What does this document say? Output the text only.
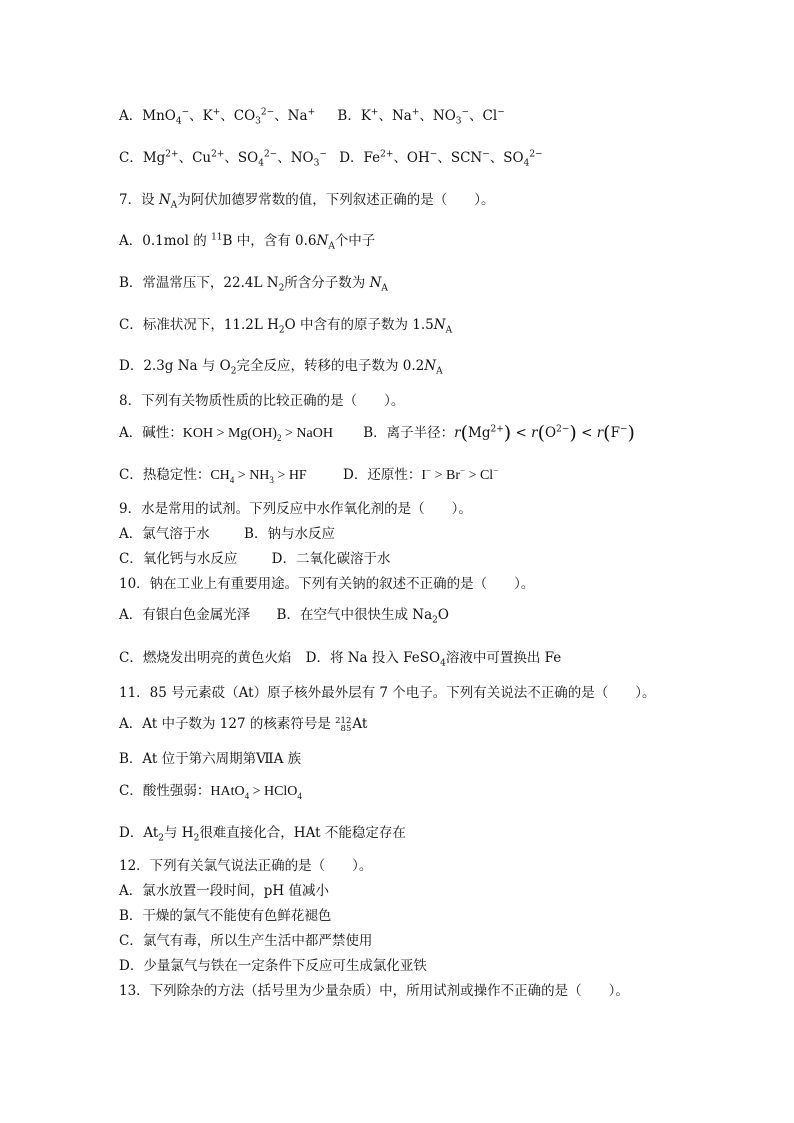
A．MnO$_4$−、K+、$CO_3^{2-}$、Na+ B．K+、Na+、$NO_3^-$、Cl−
C．$Mg^{2+}$、$Cu^{2+}$、$SO_4^{2-}$、$NO_3^-$ D．$Fe^{2+}$、OH−、SCN−、$SO_4^{2-}$
7．设 $N_A$为阿伏加德罗常数的值，下列叙述正确的是（　　）。
A．0.1mol 的 $^{11}$B 中，含有 $0.6N_A$个中子
B．常温常压下，22.4L $N_2$所含分子数为 $N_A$
C．标准状况下，11.2L $H_2O$ 中含有的原子数为 $1.5N_A$
D．2.3g Na 与 $O_2$完全反应，转移的电子数为 $0.2N_A$
8．下列有关物质性质的比较正确的是（　　）。
A．碱性：KOH > $Mg(OH)_2$ > NaOH B．离子半径：$r(Mg^{2+}) < r(O^{2-}) < r(F^-)$
C．热稳定性：$CH_4 > NH_3$ > HF	D．还原性：I− > Br− > Cl−
9．水是常用的试剂。下列反应中水作氧化剂的是（　　）。
A．氯气溶于水 B．钠与水反应
C．氧化钙与水反应 D．二氧化碳溶于水
10．钠在工业上有重要用途。下列有关钠的叙述不正确的是（　　）。
A．有银白色金属光泽 B．在空气中很快生成 $Na_2O$
C．燃烧发出明亮的黄色火焰 D．将 Na 投入 FeSO$_4$溶液中可置换出 Fe
11．85 号元素砹（At）原子核外最外层有 7 个电子。下列有关说法不正确的是（　　）。
A．At 中子数为 127 的核素符号是 212
85 At
B．At 位于第六周期第ⅦA 族
C．酸性强弱：HAtO$_4$ > HClO$_4$
D．$At_2$与 $H_2$很难直接化合，HAt 不能稳定存在
12．下列有关氯气说法正确的是（　　）。
A．氯水放置一段时间，pH 值减小
B．干燥的氯气不能使有色鲜花褪色
C．氯气有毒，所以生产生活中都严禁使用
D．少量氯气与铁在一定条件下反应可生成氯化亚铁
13．下列除杂的方法（括号里为少量杂质）中，所用试剂或操作不正确的是（　　）。
